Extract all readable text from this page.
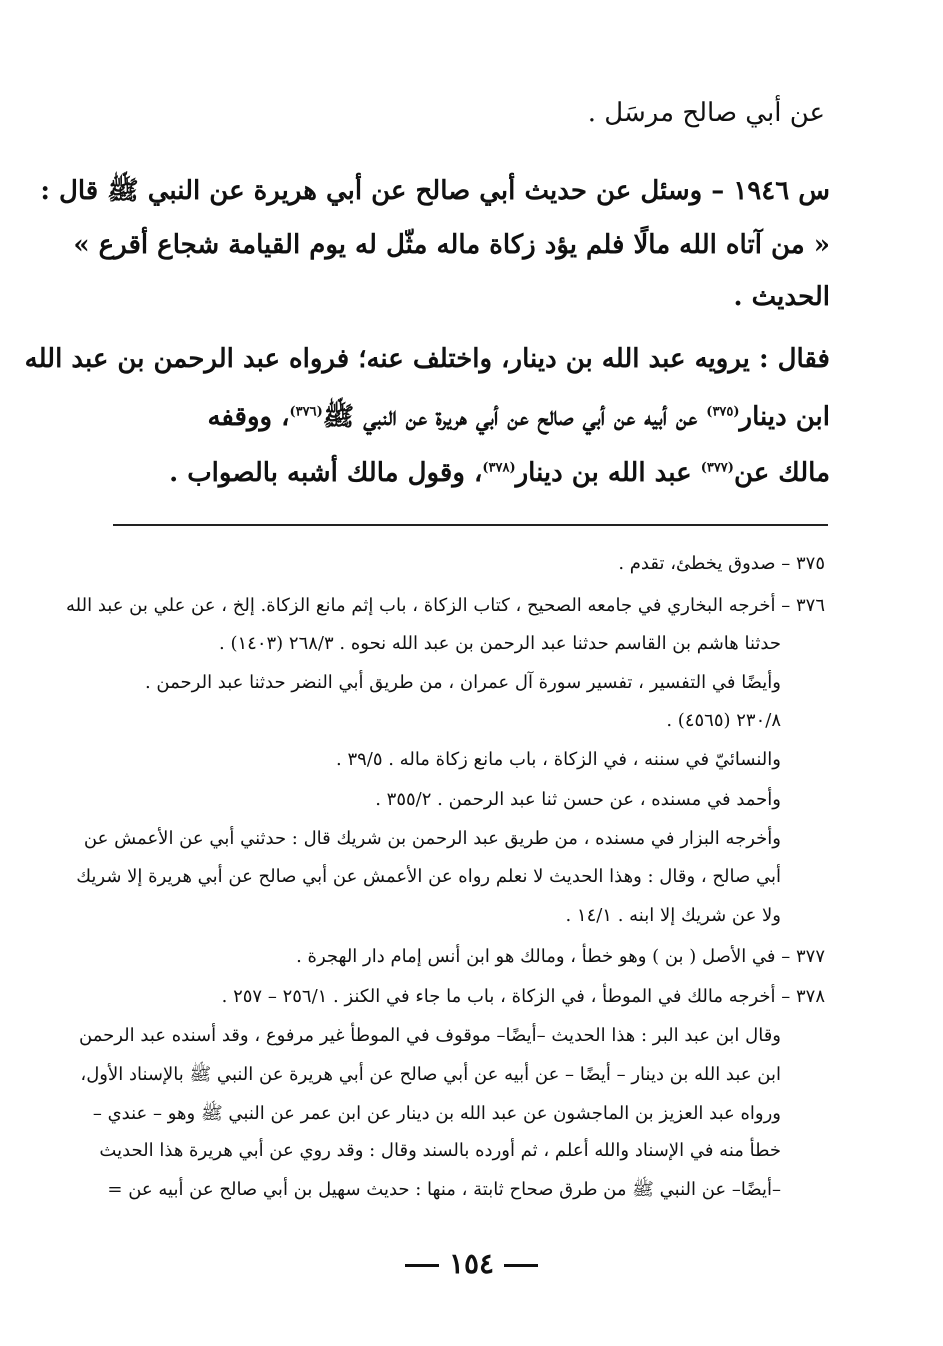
عن أبي صالح مرسَل .
س ١٩٤٦ – وسئل عن حديث أبي صالح عن أبي هريرة عن النبي ﷺ قال :
« من آتاه الله مالًا فلم يؤد زكاة ماله مثّل له يوم القيامة شجاع أقرع »
الحديث .
فقال : يرويه عبد الله بن دينار، واختلف عنه؛ فرواه عبد الرحمن بن عبد الله
ابن دينار$^{(٣٧٥)}$ عن أبيه عن أبي صالح عن أبي هريرة عن النبي ﷺ$^{(٣٧٦)}$، ووقفه
مالك عن$^{(٣٧٧)}$ عبد الله بن دينار$^{(٣٧٨)}$، وقول مالك أشبه بالصواب .
٣٧٥ – صدوق يخطئ، تقدم .
٣٧٦ – أخرجه البخاري في جامعه الصحيح ، كتاب الزكاة ، باب إثم مانع الزكاة. إلخ ، عن علي بن عبد الله
حدثنا هاشم بن القاسم حدثنا عبد الرحمن بن عبد الله نحوه . ٢٦٨/٣ (١٤٠٣) .
وأيضًا في التفسير ، تفسير سورة آل عمران ، من طريق أبي النضر حدثنا عبد الرحمن .
٢٣٠/٨ (٤٥٦٥) .
والنسائيّ في سننه ، في الزكاة ، باب مانع زكاة ماله . ٣٩/٥ .
وأحمد في مسنده ، عن حسن ثنا عبد الرحمن . ٣٥٥/٢ .
وأخرجه البزار في مسنده ، من طريق عبد الرحمن بن شريك قال : حدثني أبي عن الأعمش عن
أبي صالح ، وقال : وهذا الحديث لا نعلم رواه عن الأعمش عن أبي صالح عن أبي هريرة إلا شريك
ولا عن شريك إلا ابنه . ١٤/١ .
٣٧٧ – في الأصل ( بن ) وهو خطأ ، ومالك هو ابن أنس إمام دار الهجرة .
٣٧٨ – أخرجه مالك في الموطأ ، في الزكاة ، باب ما جاء في الكنز . ٢٥٦/١ – ٢٥٧ .
وقال ابن عبد البر : هذا الحديث –أيضًا– موقوف في الموطأ غير مرفوع ، وقد أسنده عبد الرحمن
ابن عبد الله بن دينار – أيضًا – عن أبيه عن أبي صالح عن أبي هريرة عن النبي ﷺ بالإسناد الأول،
ورواه عبد العزيز بن الماجشون عن عبد الله بن دينار عن ابن عمر عن النبي ﷺ وهو – عندي –
خطأ منه في الإسناد والله أعلم ، ثم أورده بالسند وقال : وقد روي عن أبي هريرة هذا الحديث
–أيضًا– عن النبي ﷺ من طرق صحاح ثابتة ، منها : حديث سهيل بن أبي صالح عن أبيه عن =
١٥٤
